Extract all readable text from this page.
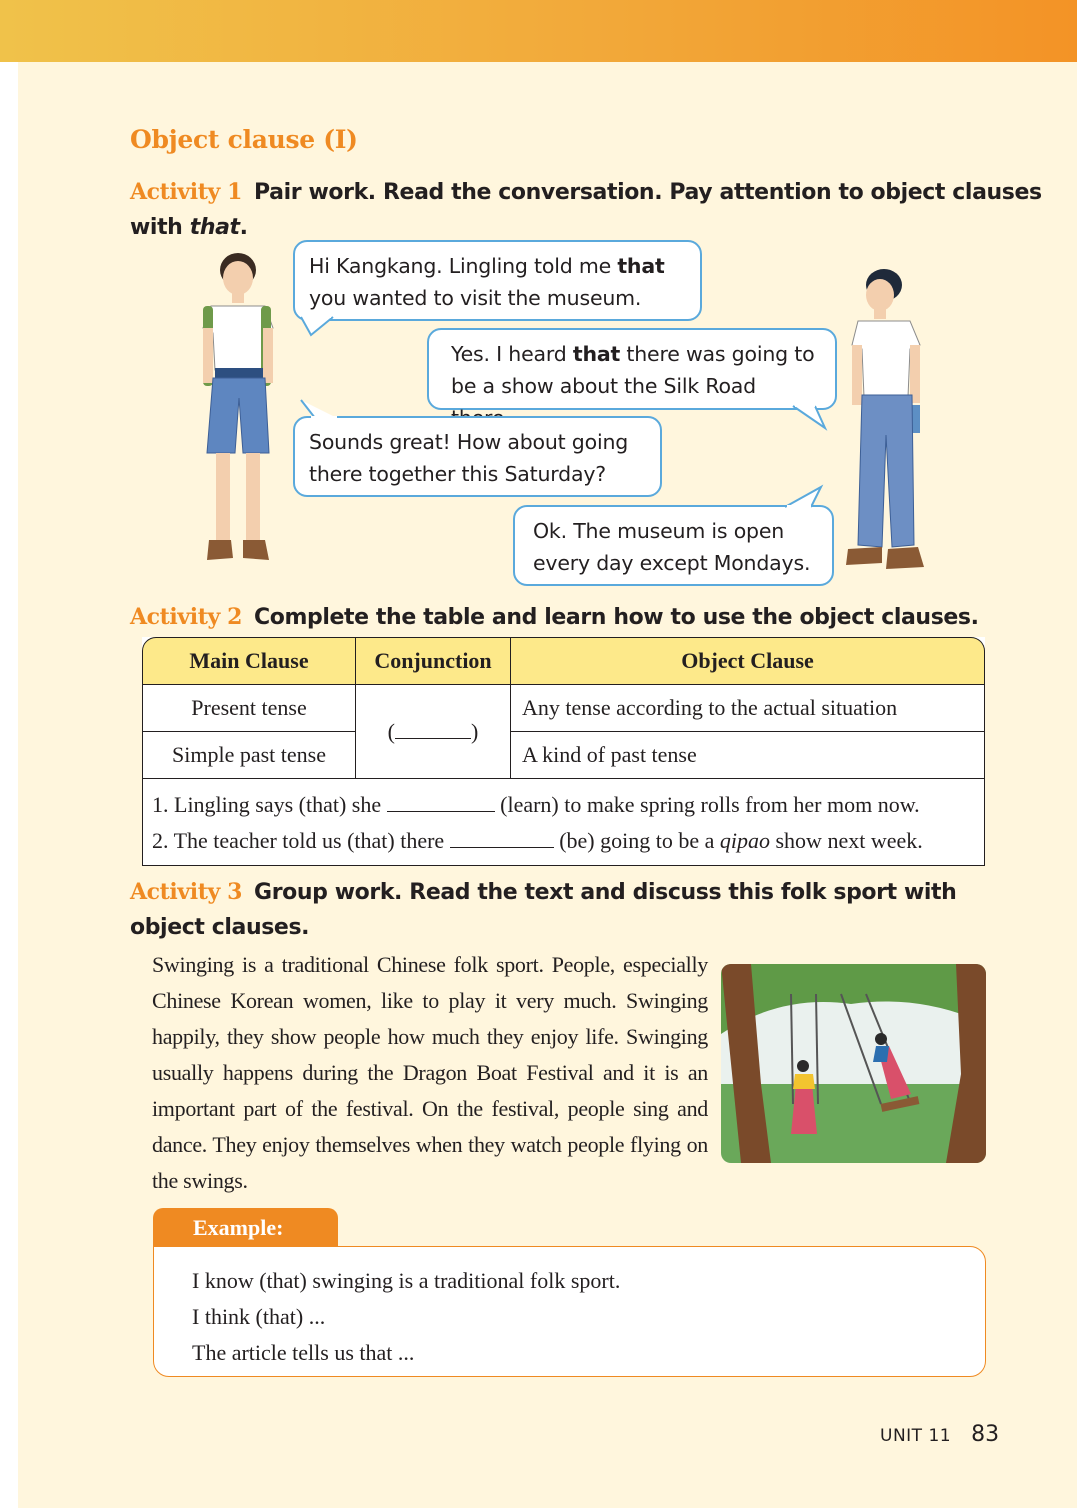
Object clause (I)
Activity 1 Pair work. Read the conversation. Pay attention to object clauses
with that.
Hi Kangkang. Lingling told me that
you wanted to visit the museum.
Yes. I heard that there was going to
be a show about the Silk Road
Sounds great! How about going
there together this Saturday?
Ok. The museum is open
every day except Mondays.
Activity 2 Complete the table and learn how to use the object clauses.
Main Clause	Conjunction	Object Clause
Present tense	( )	Any tense according to the actual situation
Simple past tense		A kind of past tense

1. Lingling says (that) she (learn) to make spring rolls from her mom now.
2. The teacher told us (that) there (be) going to be a qipao show next week.		
Activity 3 Group work. Read the text and discuss this folk sport with
object clauses.
Swinging is a traditional Chinese folk sport. People, especially Chinese Korean women, like to play it very much. Swinging happily, they show people how much they enjoy life. Swinging usually happens during the Dragon Boat Festival and it is an important part of the festival. On the festival, people sing and dance. They enjoy themselves when they watch people flying on the swings.
Example:
I know (that) swinging is a traditional folk sport.
I think (that) ...
The article tells us that ...
UNIT 11 83
